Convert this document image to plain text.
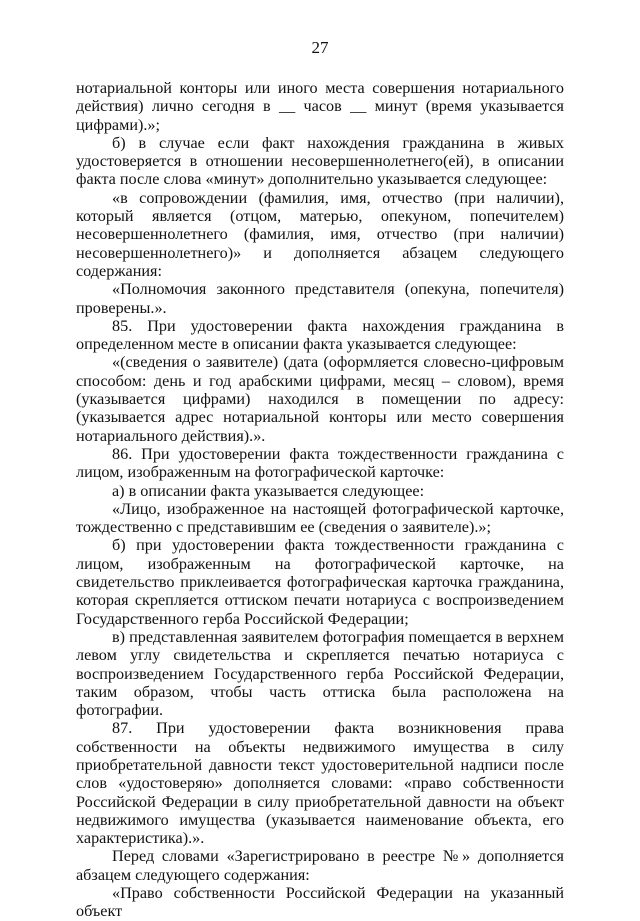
27

нотариальной конторы или иного места совершения нотариального действия) лично сегодня в __ часов __ минут (время указывается цифрами).»;

б) в случае если факт нахождения гражданина в живых удостоверяется в отношении несовершеннолетнего(ей), в описании факта после слова «минут» дополнительно указывается следующее:

«в сопровождении (фамилия, имя, отчество (при наличии), который является (отцом, матерью, опекуном, попечителем) несовершеннолетнего (фамилия, имя, отчество (при наличии) несовершеннолетнего)» и дополняется абзацем следующего содержания:

«Полномочия законного представителя (опекуна, попечителя) проверены.».

85. При удостоверении факта нахождения гражданина в определенном месте в описании факта указывается следующее:

«(сведения о заявителе) (дата (оформляется словесно-цифровым способом: день и год арабскими цифрами, месяц – словом), время (указывается цифрами) находился в помещении по адресу: (указывается адрес нотариальной конторы или место совершения нотариального действия).».

86. При удостоверении факта тождественности гражданина с лицом, изображенным на фотографической карточке:

а) в описании факта указывается следующее:

«Лицо, изображенное на настоящей фотографической карточке, тождественно с представившим ее (сведения о заявителе).»;

б) при удостоверении факта тождественности гражданина с лицом, изображенным на фотографической карточке, на свидетельство приклеивается фотографическая карточка гражданина, которая скрепляется оттиском печати нотариуса с воспроизведением Государственного герба Российской Федерации;

в) представленная заявителем фотография помещается в верхнем левом углу свидетельства и скрепляется печатью нотариуса с воспроизведением Государственного герба Российской Федерации, таким образом, чтобы часть оттиска была расположена на фотографии.

87. При удостоверении факта возникновения права собственности на объекты недвижимого имущества в силу приобретательной давности текст удостоверительной надписи после слов «удостоверяю» дополняется словами: «право собственности Российской Федерации в силу приобретательной давности на объект недвижимого имущества (указывается наименование объекта, его характеристика).».

Перед словами «Зарегистрировано в реестре №» дополняется абзацем следующего содержания:

«Право собственности Российской Федерации на указанный объект
